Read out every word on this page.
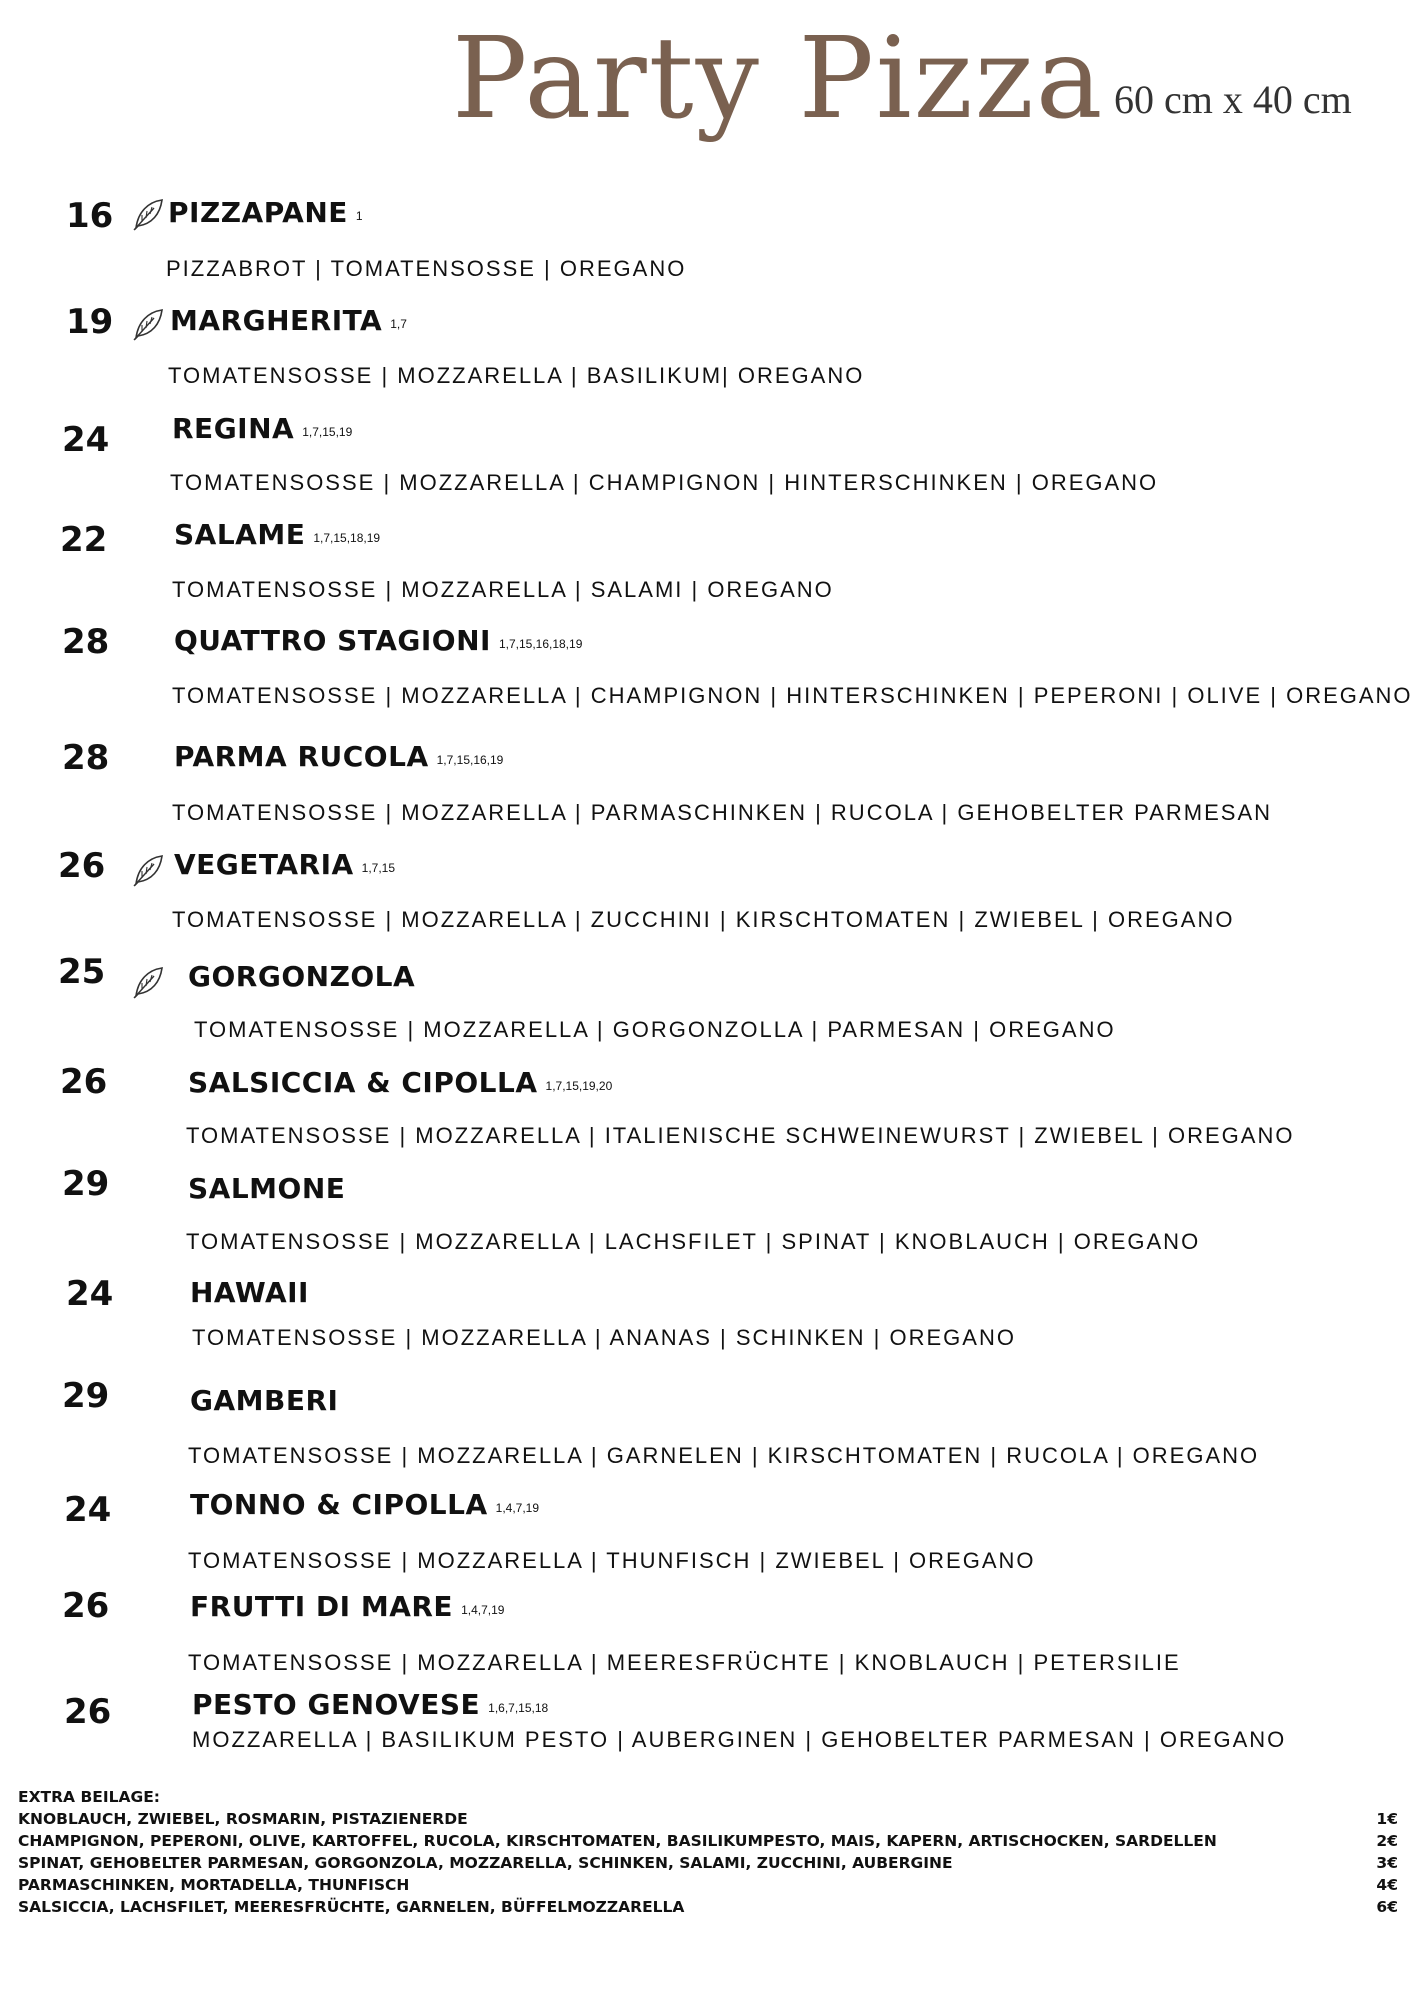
Party Pizza 60 cm x 40 cm
16 PIZZAPANE 1
PIZZABROT | TOMATENSOSSE | OREGANO
19 MARGHERITA 1,7
TOMATENSOSSE | MOZZARELLA | BASILIKUM| OREGANO
24 REGINA 1,7,15,19
TOMATENSOSSE | MOZZARELLA | CHAMPIGNON | HINTERSCHINKEN | OREGANO
22 SALAME 1,7,15,18,19
TOMATENSOSSE | MOZZARELLA | SALAMI | OREGANO
28 QUATTRO STAGIONI 1,7,15,16,18,19
TOMATENSOSSE | MOZZARELLA | CHAMPIGNON | HINTERSCHINKEN | PEPERONI | OLIVE | OREGANO
28 PARMA RUCOLA 1,7,15,16,19
TOMATENSOSSE | MOZZARELLA | PARMASCHINKEN | RUCOLA | GEHOBELTER PARMESAN
26 VEGETARIA 1,7,15
TOMATENSOSSE | MOZZARELLA | ZUCCHINI | KIRSCHTOMATEN | ZWIEBEL | OREGANO
25	GORGONZOLA
TOMATENSOSSE | MOZZARELLA | GORGONZOLLA | PARMESAN | OREGANO
26	SALSICCIA & CIPOLLA 1,7,15,19,20
TOMATENSOSSE | MOZZARELLA | ITALIENISCHE SCHWEINEWURST | ZWIEBEL | OREGANO
29	SALMONE
TOMATENSOSSE | MOZZARELLA | LACHSFILET | SPINAT | KNOBLAUCH | OREGANO
24	HAWAII
TOMATENSOSSE | MOZZARELLA | ANANAS | SCHINKEN | OREGANO
29	GAMBERI
TOMATENSOSSE | MOZZARELLA | GARNELEN | KIRSCHTOMATEN | RUCOLA | OREGANO
24	TONNO & CIPOLLA 1,4,7,19
TOMATENSOSSE | MOZZARELLA | THUNFISCH | ZWIEBEL | OREGANO
26	FRUTTI DI MARE 1,4,7,19
TOMATENSOSSE | MOZZARELLA | MEERESFRÜCHTE | KNOBLAUCH | PETERSILIE
26	PESTO GENOVESE 1,6,7,15,18
MOZZARELLA | BASILIKUM PESTO | AUBERGINEN | GEHOBELTER PARMESAN | OREGANO
EXTRA BEILAGE:
KNOBLAUCH, ZWIEBEL, ROSMARIN, PISTAZIENERDE	1€
CHAMPIGNON, PEPERONI, OLIVE, KARTOFFEL, RUCOLA, KIRSCHTOMATEN, BASILIKUMPESTO, MAIS, KAPERN, ARTISCHOCKEN, SARDELLEN	2€
SPINAT, GEHOBELTER PARMESAN, GORGONZOLA, MOZZARELLA, SCHINKEN, SALAMI, ZUCCHINI, AUBERGINE	3€
PARMASCHINKEN, MORTADELLA, THUNFISCH	4€
SALSICCIA, LACHSFILET, MEERESFRÜCHTE, GARNELEN, BÜFFELMOZZARELLA	6€
